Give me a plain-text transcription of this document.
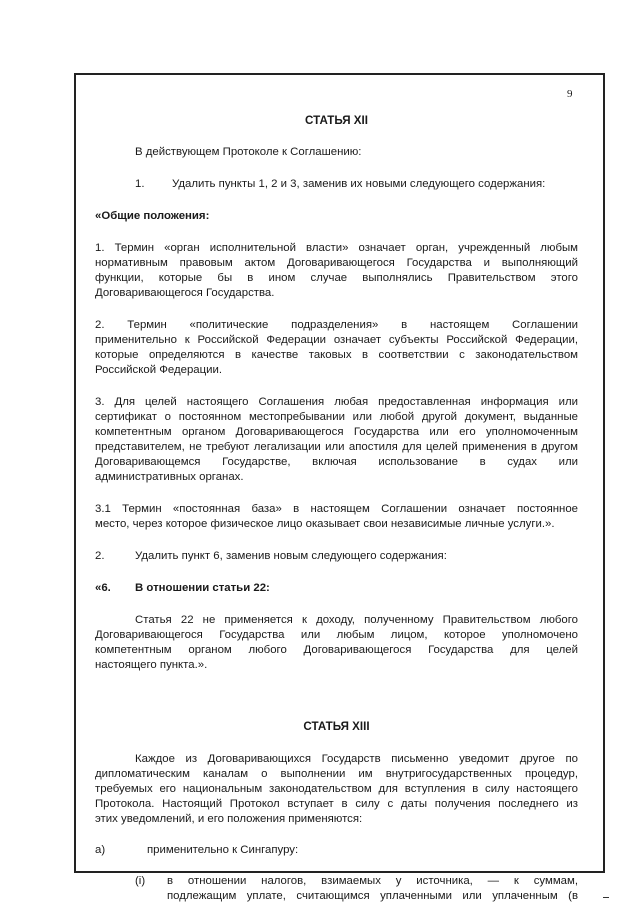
9
СТАТЬЯ XII
В действующем Протоколе к Соглашению:
1.	Удалить пункты 1, 2 и 3, заменив их новыми следующего содержания:
«Общие положения:
1. Термин «орган исполнительной власти» означает орган, учрежденный любым
нормативным правовым актом Договаривающегося Государства и выполняющий
функции, которые бы в ином случае выполнялись Правительством этого
Договаривающегося Государства.
2. Термин «политические подразделения» в настоящем Соглашении
применительно к Российской Федерации означает субъекты Российской Федерации,
которые определяются в качестве таковых в соответствии с законодательством
Российской Федерации.
3. Для целей настоящего Соглашения любая предоставленная информация или
сертификат о постоянном местопребывании или любой другой документ, выданные
компетентным органом Договаривающегося Государства или его уполномоченным
представителем, не требуют легализации или апостиля для целей применения в другом
Договаривающемся Государстве, включая использование в судах или
административных органах.
3.1 Термин «постоянная база» в настоящем Соглашении означает постоянное
место, через которое физическое лицо оказывает свои независимые личные услуги.».
2.	Удалить пункт 6, заменив новым следующего содержания:
«6.	В отношении статьи 22:
Статья 22 не применяется к доходу, полученному Правительством любого
Договаривающегося Государства или любым лицом, которое уполномочено
компетентным органом любого Договаривающегося Государства для целей
настоящего пункта.».
СТАТЬЯ XIII
Каждое из Договаривающихся Государств письменно уведомит другое по
дипломатическим каналам о выполнении им внутригосударственных процедур,
требуемых его национальным законодательством для вступления в силу настоящего
Протокола. Настоящий Протокол вступает в силу с даты получения последнего из
этих уведомлений, и его положения применяются:
а)	применительно к Сингапуру:
(i)	в отношении налогов, взимаемых у источника, — к суммам,
подлежащим уплате, считающимся уплаченными или уплаченным (в
